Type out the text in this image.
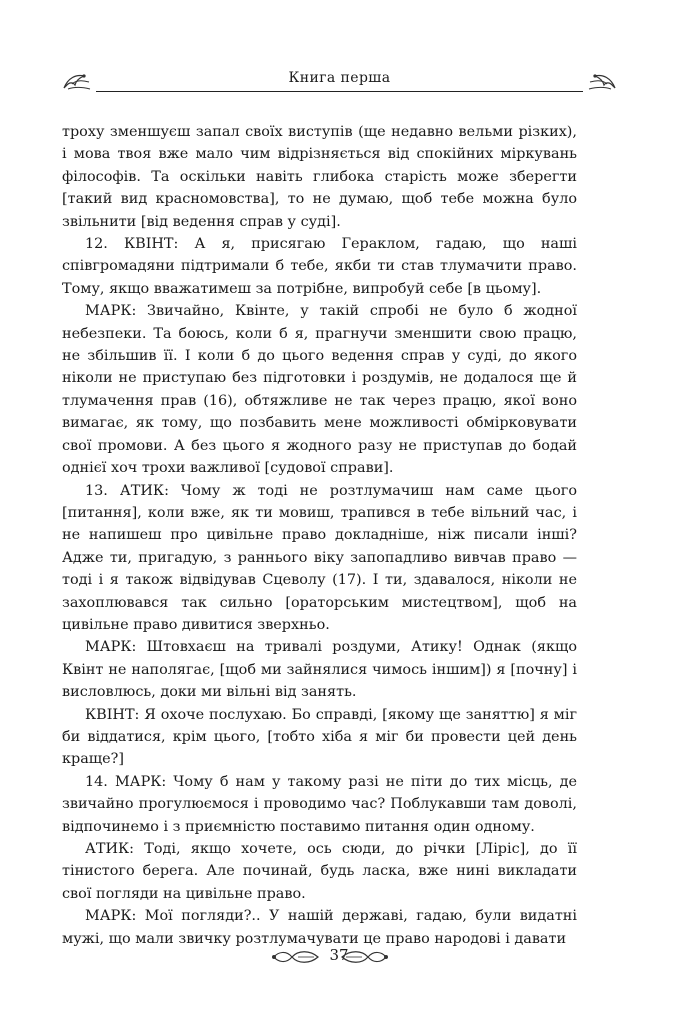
Книга перша

троху зменшуєш запал своїх виступів (ще недавно вельми різких), і мова твоя вже мало чим відрізняється від спокійних міркувань філософів. Та оскільки навіть глибока старість може зберегти [такий вид красномовства], то не думаю, щоб тебе можна було звільнити [від ведення справ у суді].

12. КВІНТ: А я, присягаю Гераклом, гадаю, що наші співгромадяни підтримали б тебе, якби ти став тлумачити право. Тому, якщо вважатимеш за потрібне, випробуй себе [в цьому].

МАРК: Звичайно, Квінте, у такій спробі не було б жодної небезпеки. Та боюсь, коли б я, прагнучи зменшити свою працю, не збільшив її. І коли б до цього ведення справ у суді, до якого ніколи не приступаю без підготовки і роздумів, не додалося ще й тлумачення прав (16), обтяжливе не так через працю, якої воно вимагає, як тому, що позбавить мене можливості обмірковувати свої промови. А без цього я жодного разу не приступав до бодай однієї хоч трохи важливої [судової справи].

13. АТИК: Чому ж тоді не розтлумачиш нам саме цього [питання], коли вже, як ти мовиш, трапився в тебе вільний час, і не напишеш про цивільне право докладніше, ніж писали інші? Адже ти, пригадую, з раннього віку запопадливо вивчав право — тоді і я також відвідував Сцеволу (17). І ти, здавалося, ніколи не захоплювався так сильно [ораторським мистецтвом], щоб на цивільне право дивитися зверхньо.

МАРК: Штовхаєш на тривалі роздуми, Атику! Однак (якщо Квінт не наполягає, [щоб ми зайнялися чимось іншим]) я [почну] і висловлюсь, доки ми вільні від занять.

КВІНТ: Я охоче послухаю. Бо справді, [якому ще заняттю] я міг би віддатися, крім цього, [тобто хіба я міг би провести цей день краще?]

14. МАРК: Чому б нам у такому разі не піти до тих місць, де звичайно прогулюємося і проводимо час? Поблукавши там доволі, відпочинемо і з приємністю поставимо питання один одному.

АТИК: Тоді, якщо хочете, ось сюди, до річки [Ліріс], до її тінистого берега. Але починай, будь ласка, вже нині викладати свої погляди на цивільне право.

МАРК: Мої погляди?.. У нашій державі, гадаю, були видатні мужі, що мали звичку розтлумачувати це право народові і давати

37
